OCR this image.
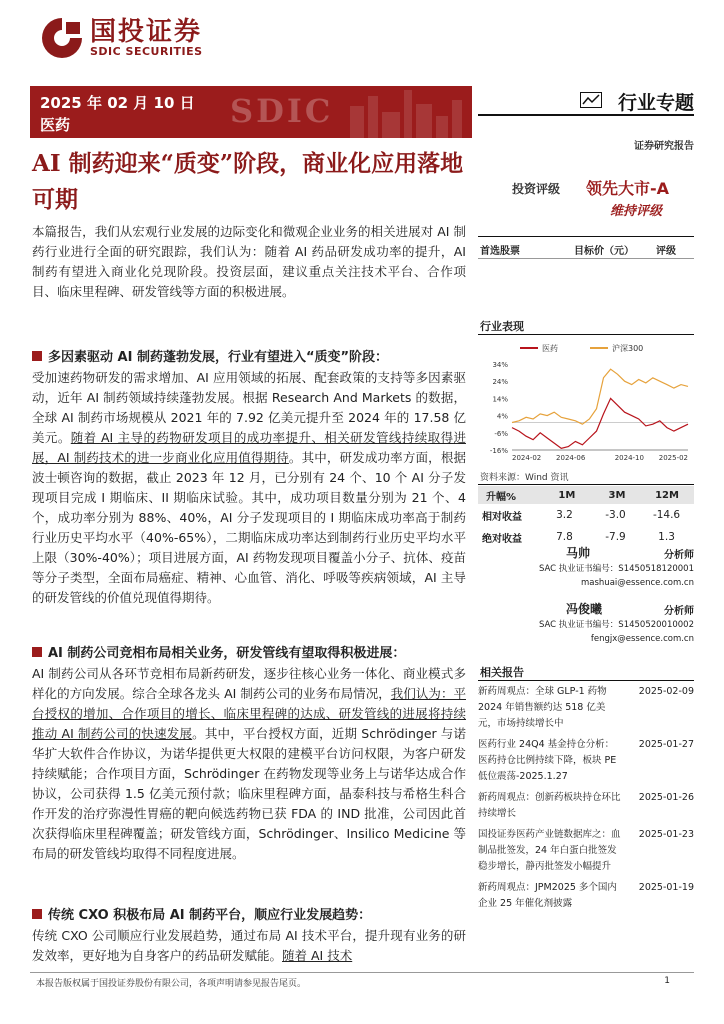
国投证券
SDIC SECURITIES
SDIC
2025 年 02 月 10 日
医药
行业专题
证券研究报告
AI 制药迎来“质变”阶段，商业化应用落地可期	投资评级 领先大市-A
维持评级
本篇报告，我们从宏观行业发展的边际变化和微观企业业务的相关进展对 AI 制药行业进行全面的研究跟踪，我们认为：随着 AI 药品研发成功率的提升，AI 制药有望进入商业化兑现阶段。投资层面，建议重点关注技术平台、合作项目、临床里程碑、研发管线等方面的积极进展。
多因素驱动 AI 制药蓬勃发展，行业有望进入“质变”阶段：
受加速药物研发的需求增加、AI 应用领域的拓展、配套政策的支持等多因素驱动，近年 AI 制药领域持续蓬勃发展。根据 Research And Markets 的数据，全球 AI 制药市场规模从 2021 年的 7.92 亿美元提升至 2024 年的 17.58 亿美元。随着 AI 主导的药物研发项目的成功率提升、相关研发管线持续取得进展，AI 制药技术的进一步商业化应用值得期待。其中，研发成功率方面，根据波士顿咨询的数据，截止 2023 年 12 月，已分别有 24 个、10 个 AI 分子发现项目完成 I 期临床、II 期临床试验。其中，成功项目数量分别为 21 个、4 个，成功率分别为 88%、40%，AI 分子发现项目的 I 期临床成功率高于制药行业历史平均水平（40%-65%），二期临床成功率达到制药行业历史平均水平上限（30%-40%）；项目进展方面，AI 药物发现项目覆盖小分子、抗体、疫苗等分子类型，全面布局癌症、精神、心血管、消化、呼吸等疾病领域，AI 主导的研发管线的价值兑现值得期待。
AI 制药公司竞相布局相关业务，研发管线有望取得积极进展：
AI 制药公司从各环节竞相布局新药研发，逐步往核心业务一体化、商业模式多样化的方向发展。综合全球各龙头 AI 制药公司的业务布局情况，我们认为：平台授权的增加、合作项目的增长、临床里程碑的达成、研发管线的进展将持续推动 AI 制药公司的快速发展。其中，平台授权方面，近期 Schrödinger 与诺华扩大软件合作协议，为诺华提供更大权限的建模平台访问权限，为客户研发持续赋能；合作项目方面，Schrödinger 在药物发现等业务上与诺华达成合作协议，公司获得 1.5 亿美元预付款；临床里程碑方面，晶泰科技与希格生科合作开发的治疗弥漫性胃癌的靶向候选药物已获 FDA 的 IND 批准，公司因此首次获得临床里程碑覆盖；研发管线方面，Schrödinger、Insilico Medicine 等布局的研发管线均取得不同程度进展。
传统 CXO 积极布局 AI 制药平台，顺应行业发展趋势：
传统 CXO 公司顺应行业发展趋势，通过布局 AI 技术平台，提升现有业务的研发效率，更好地为自身客户的药品研发赋能。随着 AI 技术
首选股票	目标价（元） 评级
行业表现
医药	沪深300
34%
24%
14%
4%
-6%
-16%
2024-02 2024-06	2024-10 2025-02
资料来源：Wind 资讯
升幅%	1M	3M	12M
相对收益	3.2	-3.0	-14.6
绝对收益	7.8	-7.9	1.3
马帅	分析师
SAC 执业证书编号：S1450518120001
mashuai@essence.com.cn
冯俊曦	分析师
SAC 执业证书编号：S1450520010002
fengjx@essence.com.cn
相关报告
新药周观点：全球 GLP-1 药物 2024 年销售额约达 518 亿美元，市场持续增长中
2025-02-09
医药行业 24Q4 基金持仓分析：医药持仓比例持续下降，板块 PE 低位震荡-2025.1.27
2025-01-27
新药周观点：创新药板块持仓环比持续增长
2025-01-26
国投证券医药产业链数据库之：血制品批签发，24 年白蛋白批签发稳步增长，静丙批签发小幅提升
2025-01-23
新药周观点：JPM2025 多个国内企业 25 年催化剂披露
2025-01-19
本报告版权属于国投证券股份有限公司，各项声明请参见报告尾页。	1
